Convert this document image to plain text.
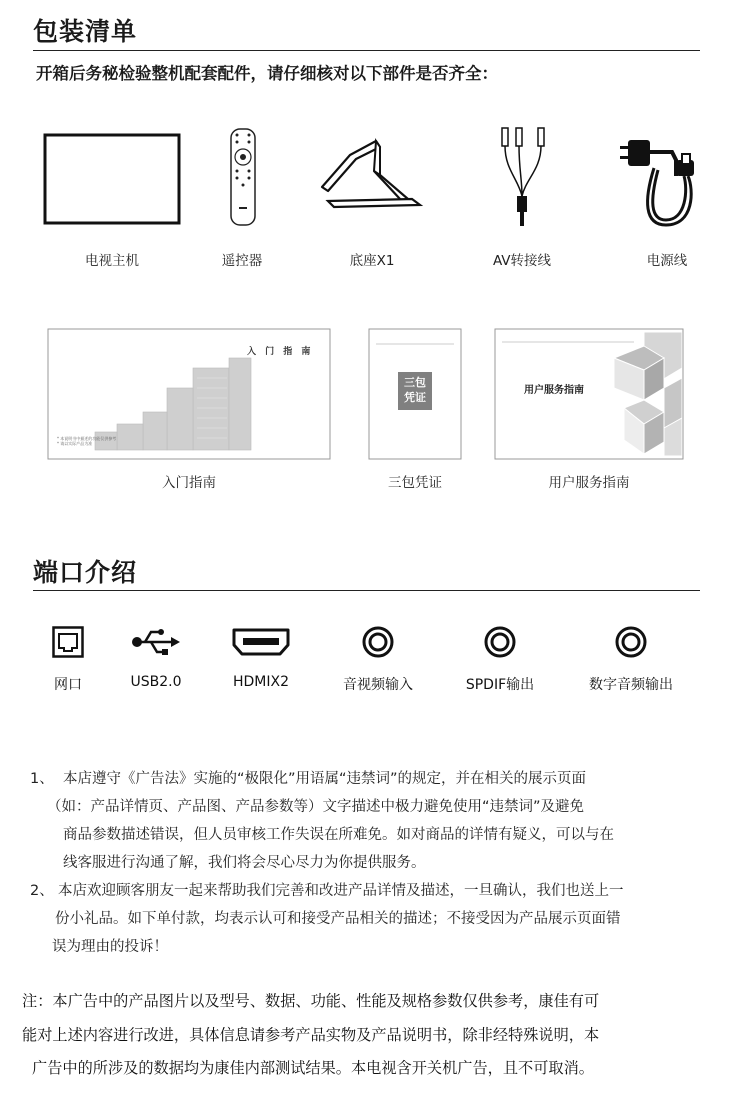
包装清单
开箱后务秘检验整机配套配件，请仔细核对以下部件是否齐全：
电视主机	遥控器	底座X1	AV转接线	电源线
入 门 指 南
* 本说明书中描述的功能仅供参考
* 请以实际产品为准
入门指南
三包
凭证
三包凭证
用户服务指南
用户服务指南
端口介绍
网口	USB2.0	HDMIX2	音视频输入	SPDIF输出	数字音频输出
1、 本店遵守《广告法》实施的“极限化”用语属“违禁词”的规定，并在相关的展示页面
（如：产品详情页、产品图、产品参数等）文字描述中极力避免使用“违禁词”及避免
商品参数描述错误，但人员审核工作失误在所难免。如对商品的详情有疑义，可以与在
线客服进行沟通了解，我们将会尽心尽力为你提供服务。
2、 本店欢迎顾客朋友一起来帮助我们完善和改进产品详情及描述，一旦确认，我们也送上一
份小礼品。如下单付款，均表示认可和接受产品相关的描述；不接受因为产品展示页面错
误为理由的投诉！
注：本广告中的产品图片以及型号、数据、功能、性能及规格参数仅供参考，康佳有可
能对上述内容进行改进，具体信息请参考产品实物及产品说明书，除非经特殊说明，本
广告中的所涉及的数据均为康佳内部测试结果。本电视含开关机广告，且不可取消。
